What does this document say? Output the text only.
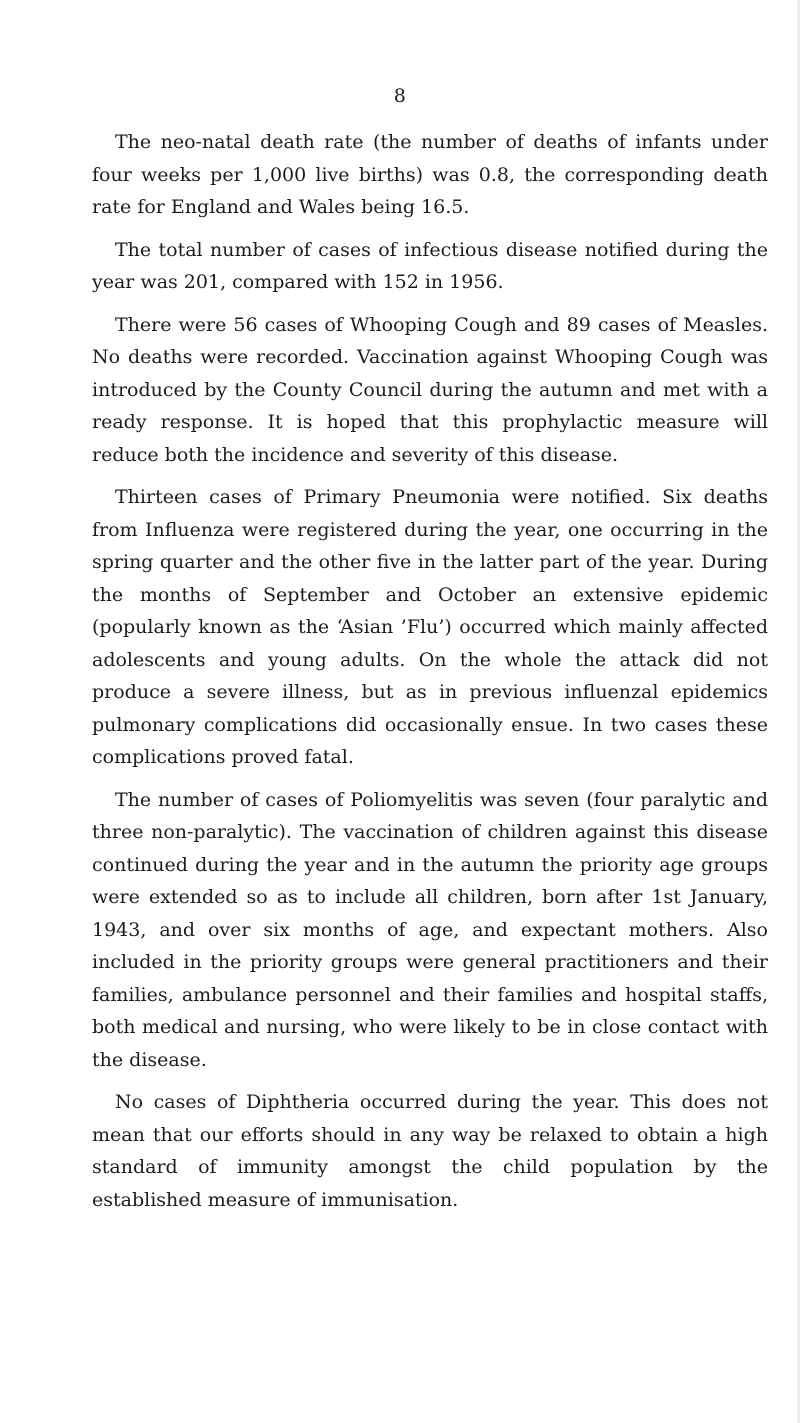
8

The neo-natal death rate (the number of deaths of infants under four weeks per 1,000 live births) was 0.8, the corresponding death rate for England and Wales being 16.5.

The total number of cases of infectious disease notified during the year was 201, compared with 152 in 1956.

There were 56 cases of Whooping Cough and 89 cases of Measles. No deaths were recorded. Vaccination against Whooping Cough was introduced by the County Council during the autumn and met with a ready response. It is hoped that this prophylactic measure will reduce both the incidence and severity of this disease.

Thirteen cases of Primary Pneumonia were notified. Six deaths from Influenza were registered during the year, one occurring in the spring quarter and the other five in the latter part of the year. During the months of September and October an extensive epidemic (popularly known as the ‘Asian ’Flu’) occurred which mainly affected adolescents and young adults. On the whole the attack did not produce a severe illness, but as in previous influenzal epidemics pulmonary complications did occasionally ensue. In two cases these complications proved fatal.

The number of cases of Poliomyelitis was seven (four paralytic and three non-paralytic). The vaccination of children against this disease continued during the year and in the autumn the priority age groups were extended so as to include all children, born after 1st January, 1943, and over six months of age, and expectant mothers. Also included in the priority groups were general practitioners and their families, ambulance personnel and their families and hospital staffs, both medical and nursing, who were likely to be in close contact with the disease.

No cases of Diphtheria occurred during the year. This does not mean that our efforts should in any way be relaxed to obtain a high standard of immunity amongst the child population by the established measure of immunisation.
